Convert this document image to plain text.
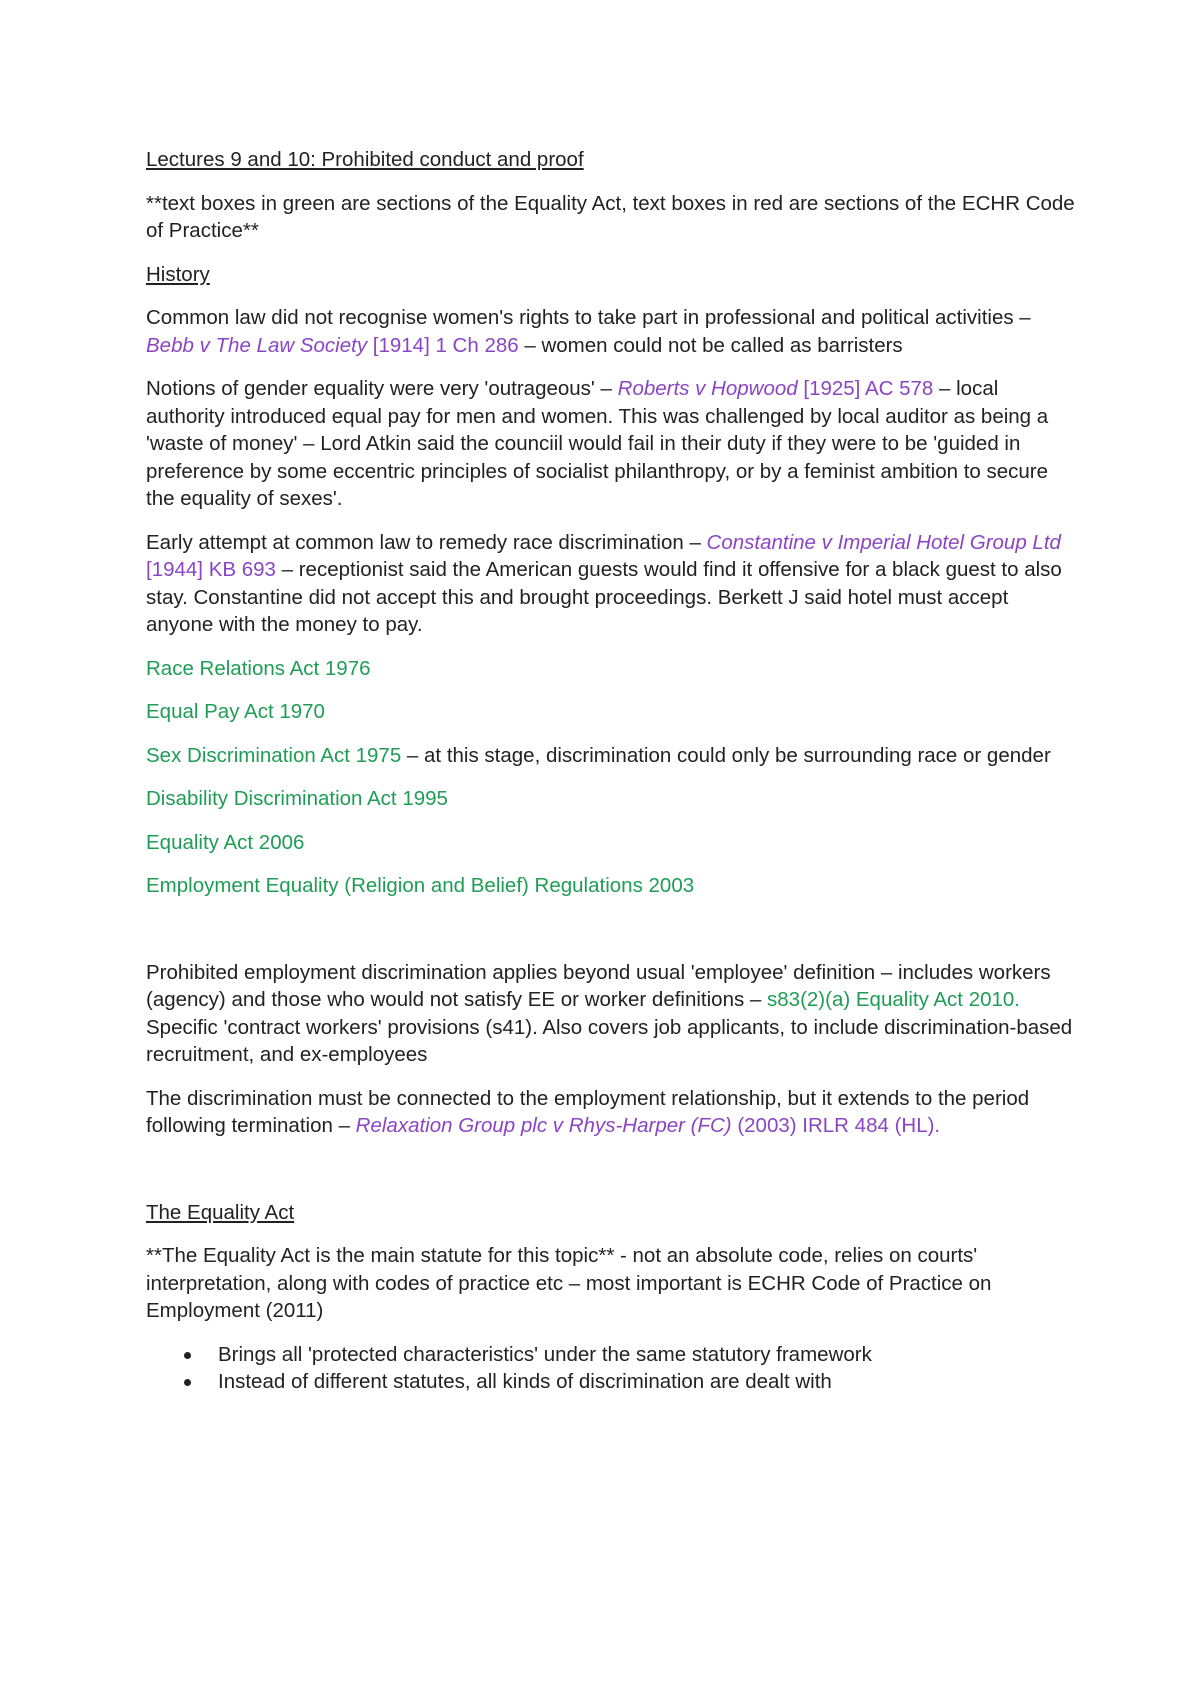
Lectures 9 and 10: Prohibited conduct and proof

**text boxes in green are sections of the Equality Act, text boxes in red are sections of the ECHR Code of Practice**

History

Common law did not recognise women's rights to take part in professional and political activities – Bebb v The Law Society [1914] 1 Ch 286 – women could not be called as barristers

Notions of gender equality were very 'outrageous' – Roberts v Hopwood [1925] AC 578 – local authority introduced equal pay for men and women. This was challenged by local auditor as being a 'waste of money' – Lord Atkin said the counciil would fail in their duty if they were to be 'guided in preference by some eccentric principles of socialist philanthropy, or by a feminist ambition to secure the equality of sexes'.

Early attempt at common law to remedy race discrimination – Constantine v Imperial Hotel Group Ltd [1944] KB 693 – receptionist said the American guests would find it offensive for a black guest to also stay. Constantine did not accept this and brought proceedings. Berkett J said hotel must accept anyone with the money to pay.

Race Relations Act 1976

Equal Pay Act 1970

Sex Discrimination Act 1975 – at this stage, discrimination could only be surrounding race or gender

Disability Discrimination Act 1995

Equality Act 2006

Employment Equality (Religion and Belief) Regulations 2003

Prohibited employment discrimination applies beyond usual 'employee' definition – includes workers (agency) and those who would not satisfy EE or worker definitions – s83(2)(a) Equality Act 2010. Specific 'contract workers' provisions (s41). Also covers job applicants, to include discrimination-based recruitment, and ex-employees

The discrimination must be connected to the employment relationship, but it extends to the period following termination – Relaxation Group plc v Rhys-Harper (FC) (2003) IRLR 484 (HL).

The Equality Act

**The Equality Act is the main statute for this topic** - not an absolute code, relies on courts' interpretation, along with codes of practice etc – most important is ECHR Code of Practice on Employment (2011)

Brings all 'protected characteristics' under the same statutory framework
Instead of different statutes, all kinds of discrimination are dealt with
